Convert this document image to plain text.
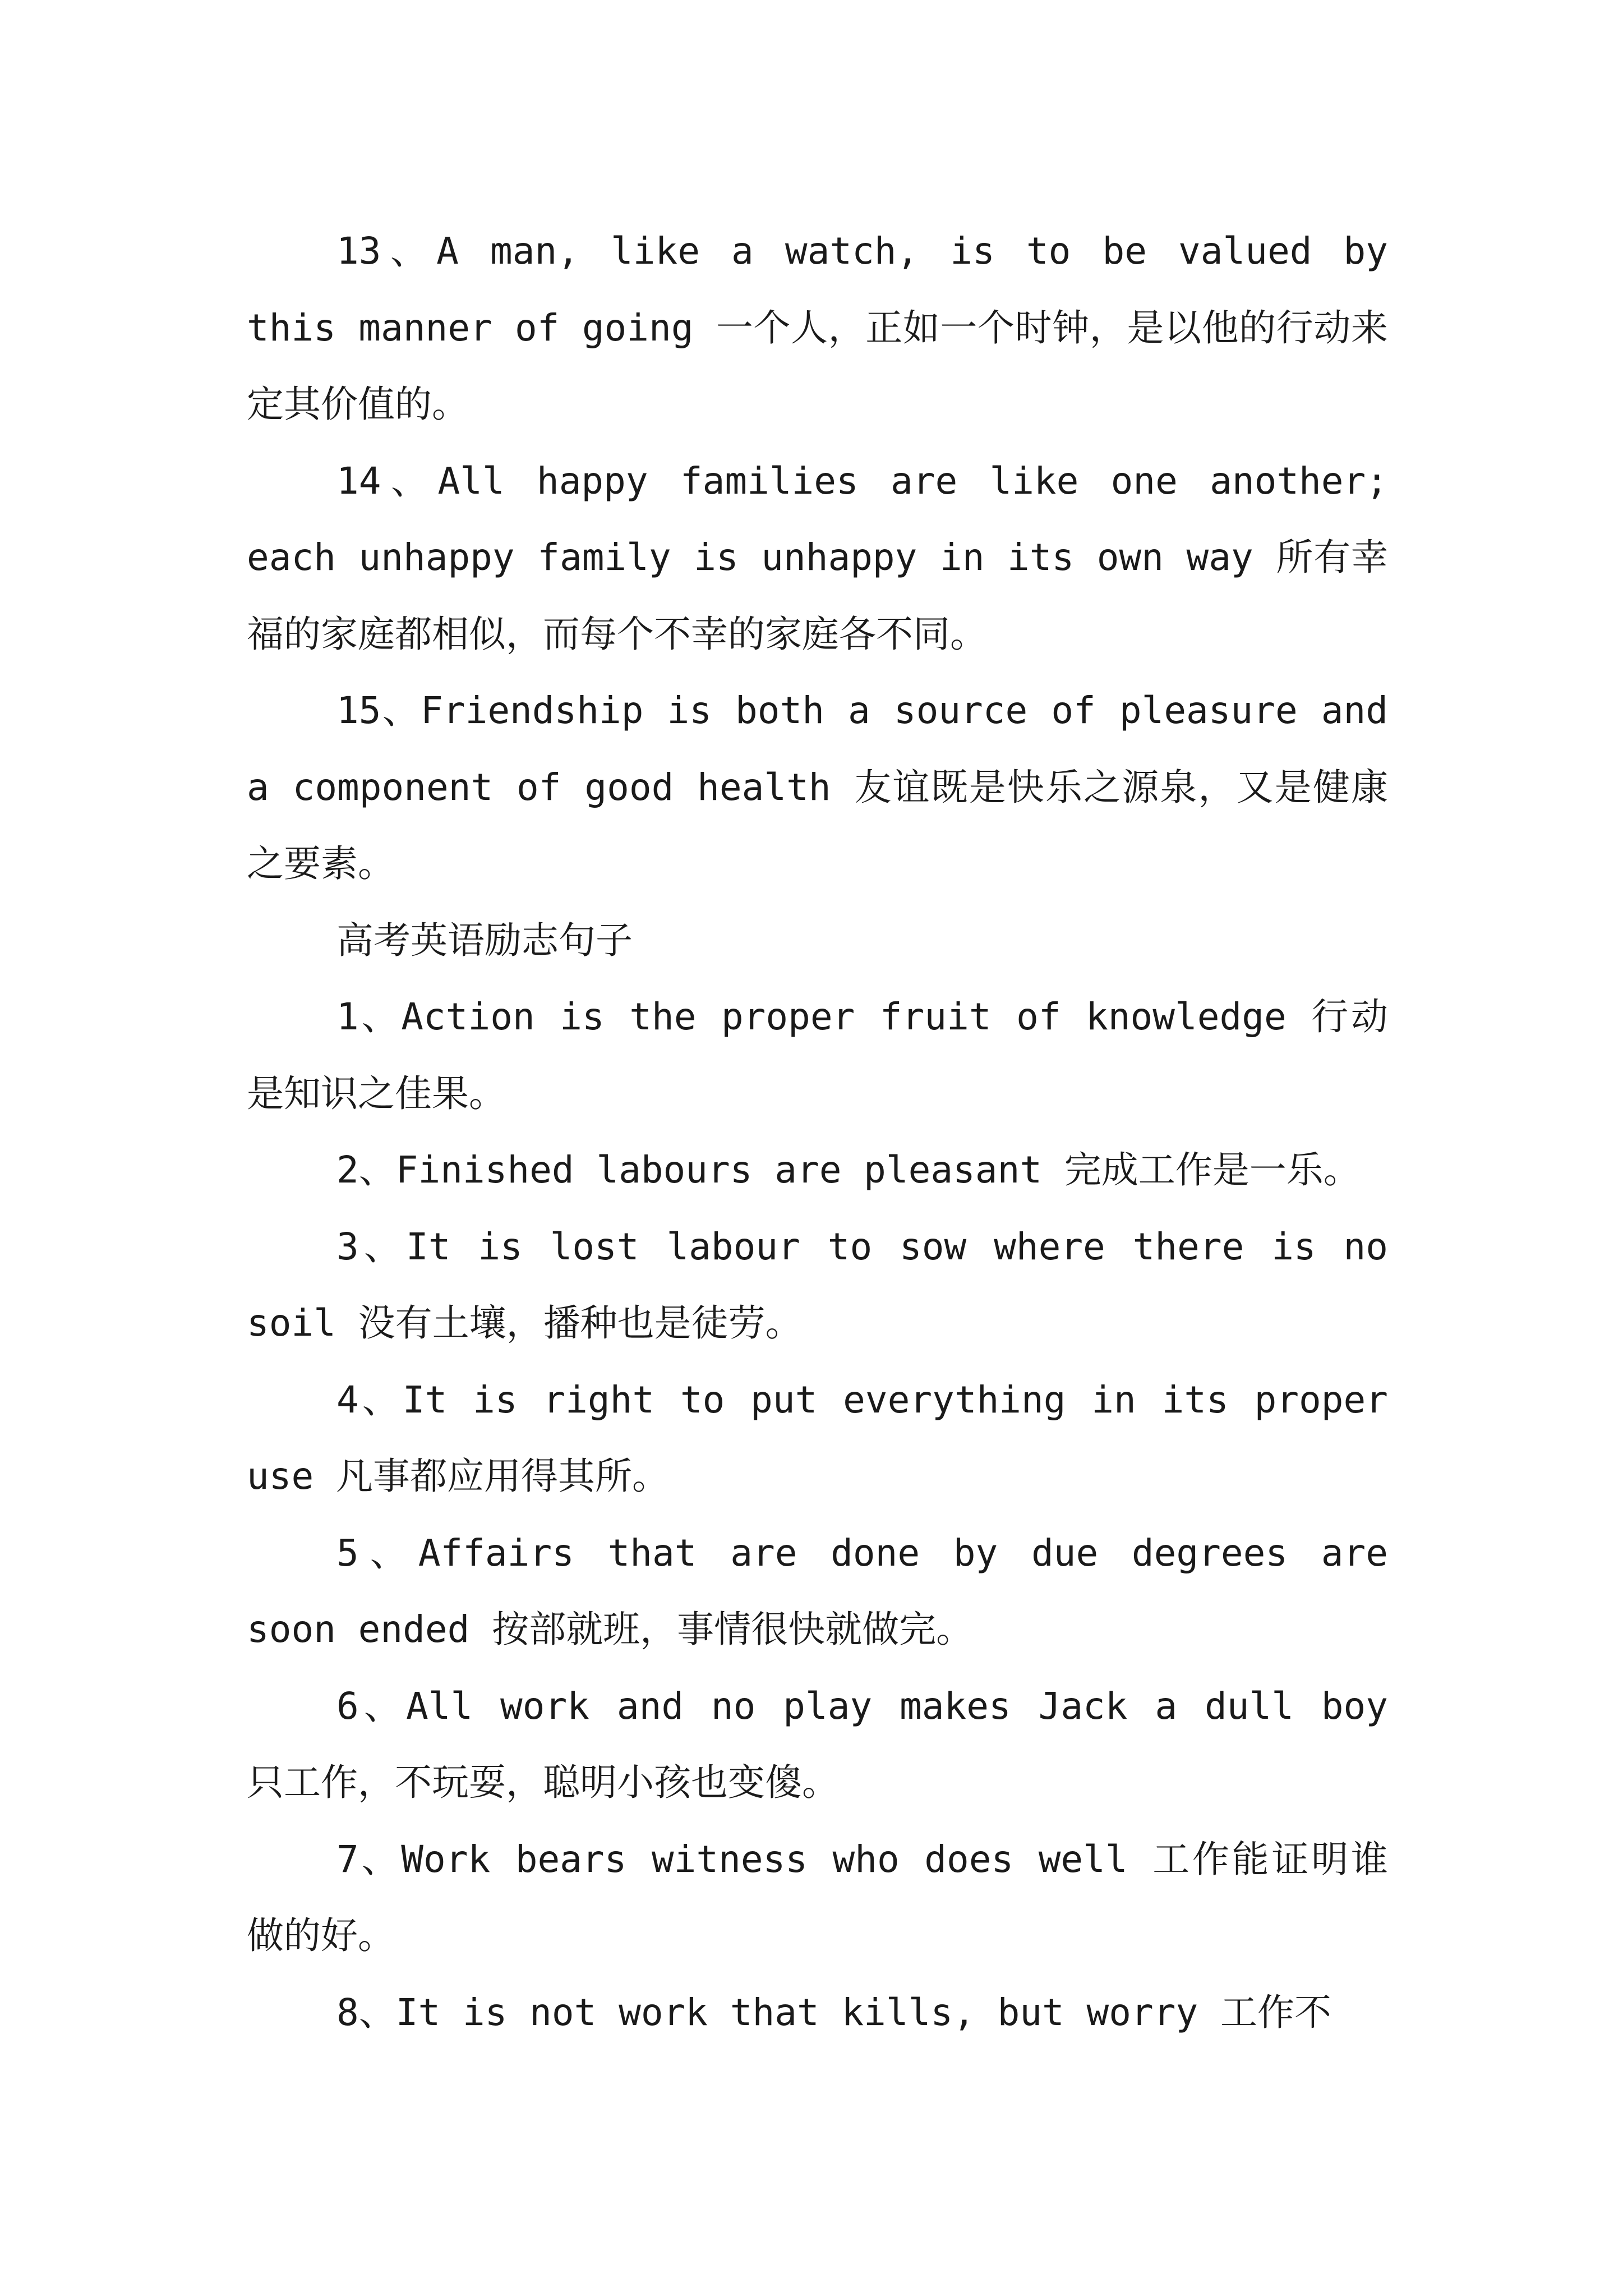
13、A man, like a watch, is to be valued by this manner of going 一个人，正如一个时钟，是以他的行动来定其价值的。

14、All happy families are like one another; each unhappy family is unhappy in its own way 所有幸福的家庭都相似，而每个不幸的家庭各不同。

15、Friendship is both a source of pleasure and a component of good health 友谊既是快乐之源泉，又是健康之要素。

高考英语励志句子

1、Action is the proper fruit of knowledge 行动是知识之佳果。

2、Finished labours are pleasant 完成工作是一乐。

3、It is lost labour to sow where there is no soil 没有土壤，播种也是徒劳。

4、It is right to put everything in its proper use 凡事都应用得其所。

5、Affairs that are done by due degrees are soon ended 按部就班，事情很快就做完。

6、All work and no play makes Jack a dull boy 只工作，不玩耍，聪明小孩也变傻。

7、Work bears witness who does well 工作能证明谁做的好。

8、It is not work that kills, but worry 工作不
